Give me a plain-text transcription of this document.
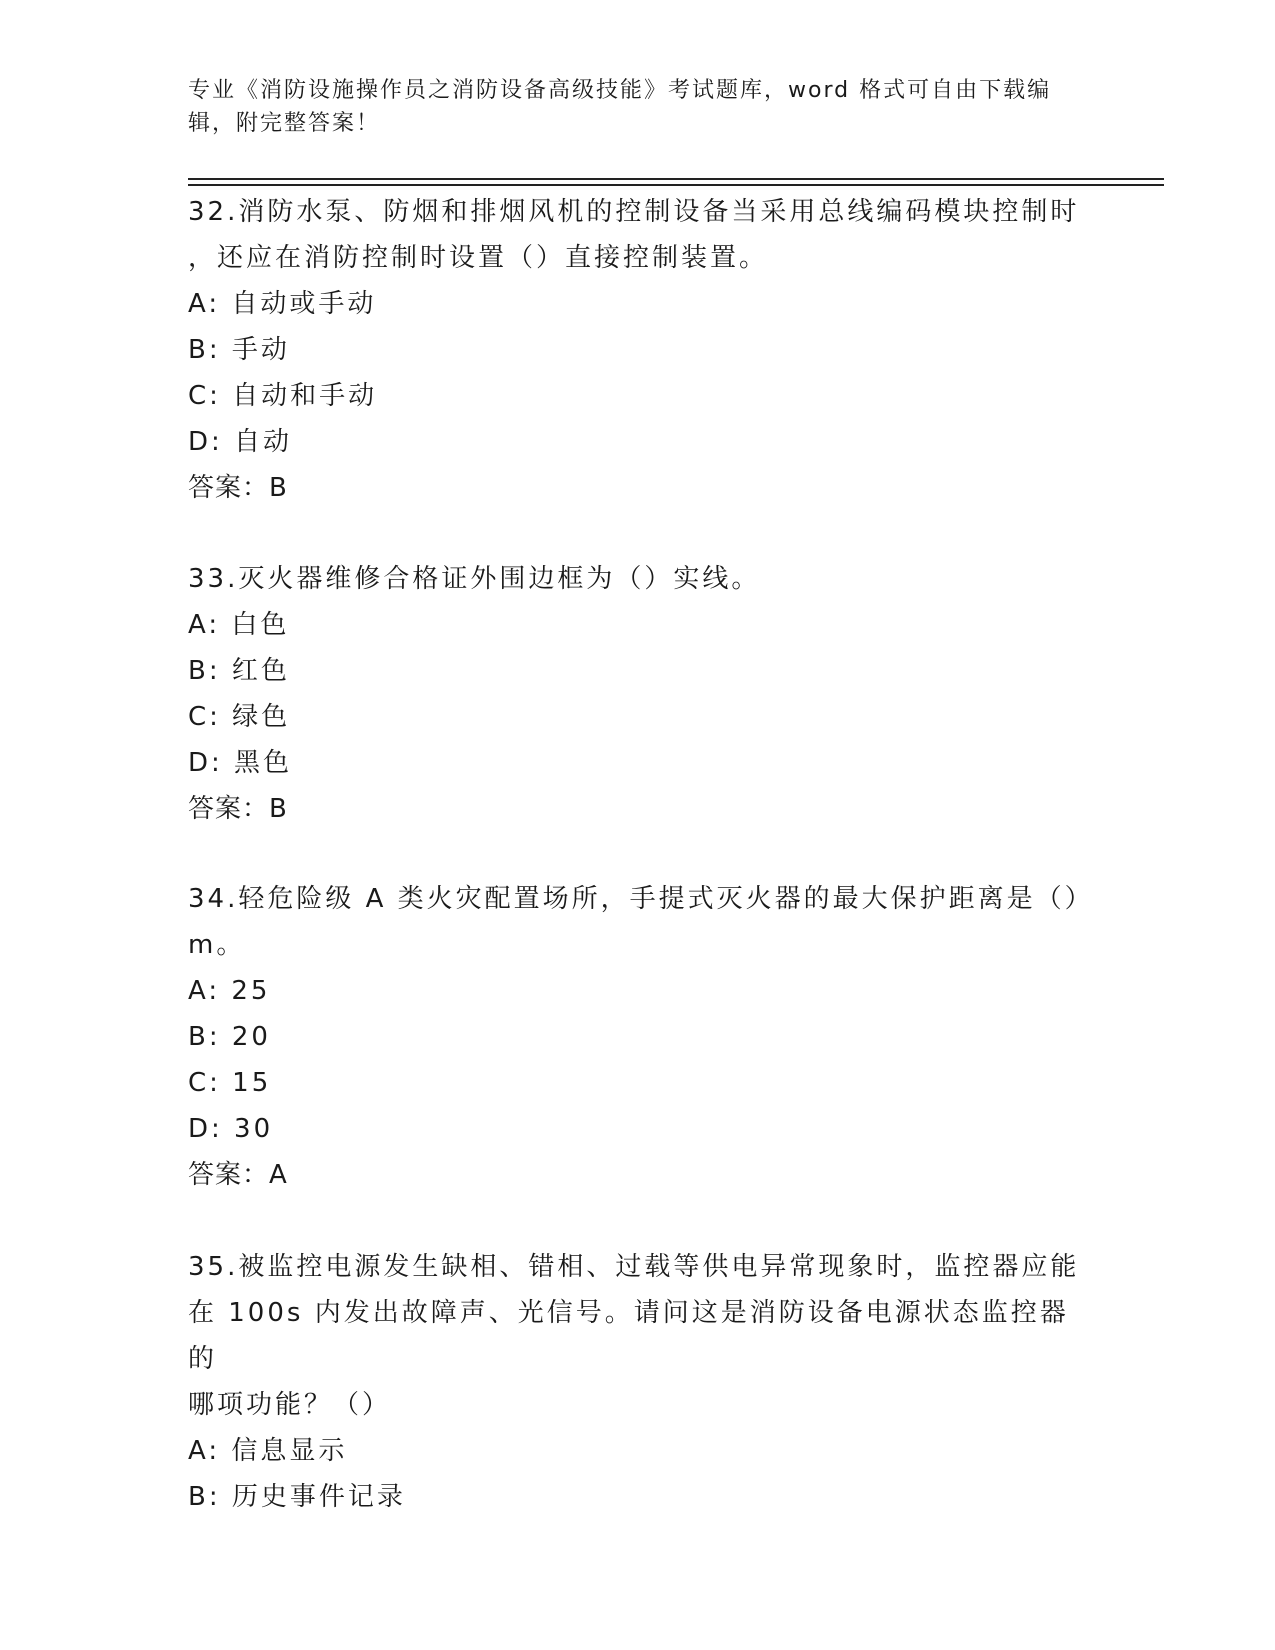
专业《消防设施操作员之消防设备高级技能》考试题库，word 格式可自由下载编
辑，附完整答案！
32.消防水泵、防烟和排烟风机的控制设备当采用总线编码模块控制时
，还应在消防控制时设置（）直接控制装置。
A: 自动或手动
B: 手动
C: 自动和手动
D: 自动
答案：B
33.灭火器维修合格证外围边框为（）实线。
A: 白色
B: 红色
C: 绿色
D: 黑色
答案：B
34.轻危险级 A 类火灾配置场所，手提式灭火器的最大保护距离是（）
m。
A: 25
B: 20
C: 15
D: 30
答案：A
35.被监控电源发生缺相、错相、过载等供电异常现象时，监控器应能
在 100s 内发出故障声、光信号。请问这是消防设备电源状态监控器的
哪项功能？（）
A: 信息显示
B: 历史事件记录
